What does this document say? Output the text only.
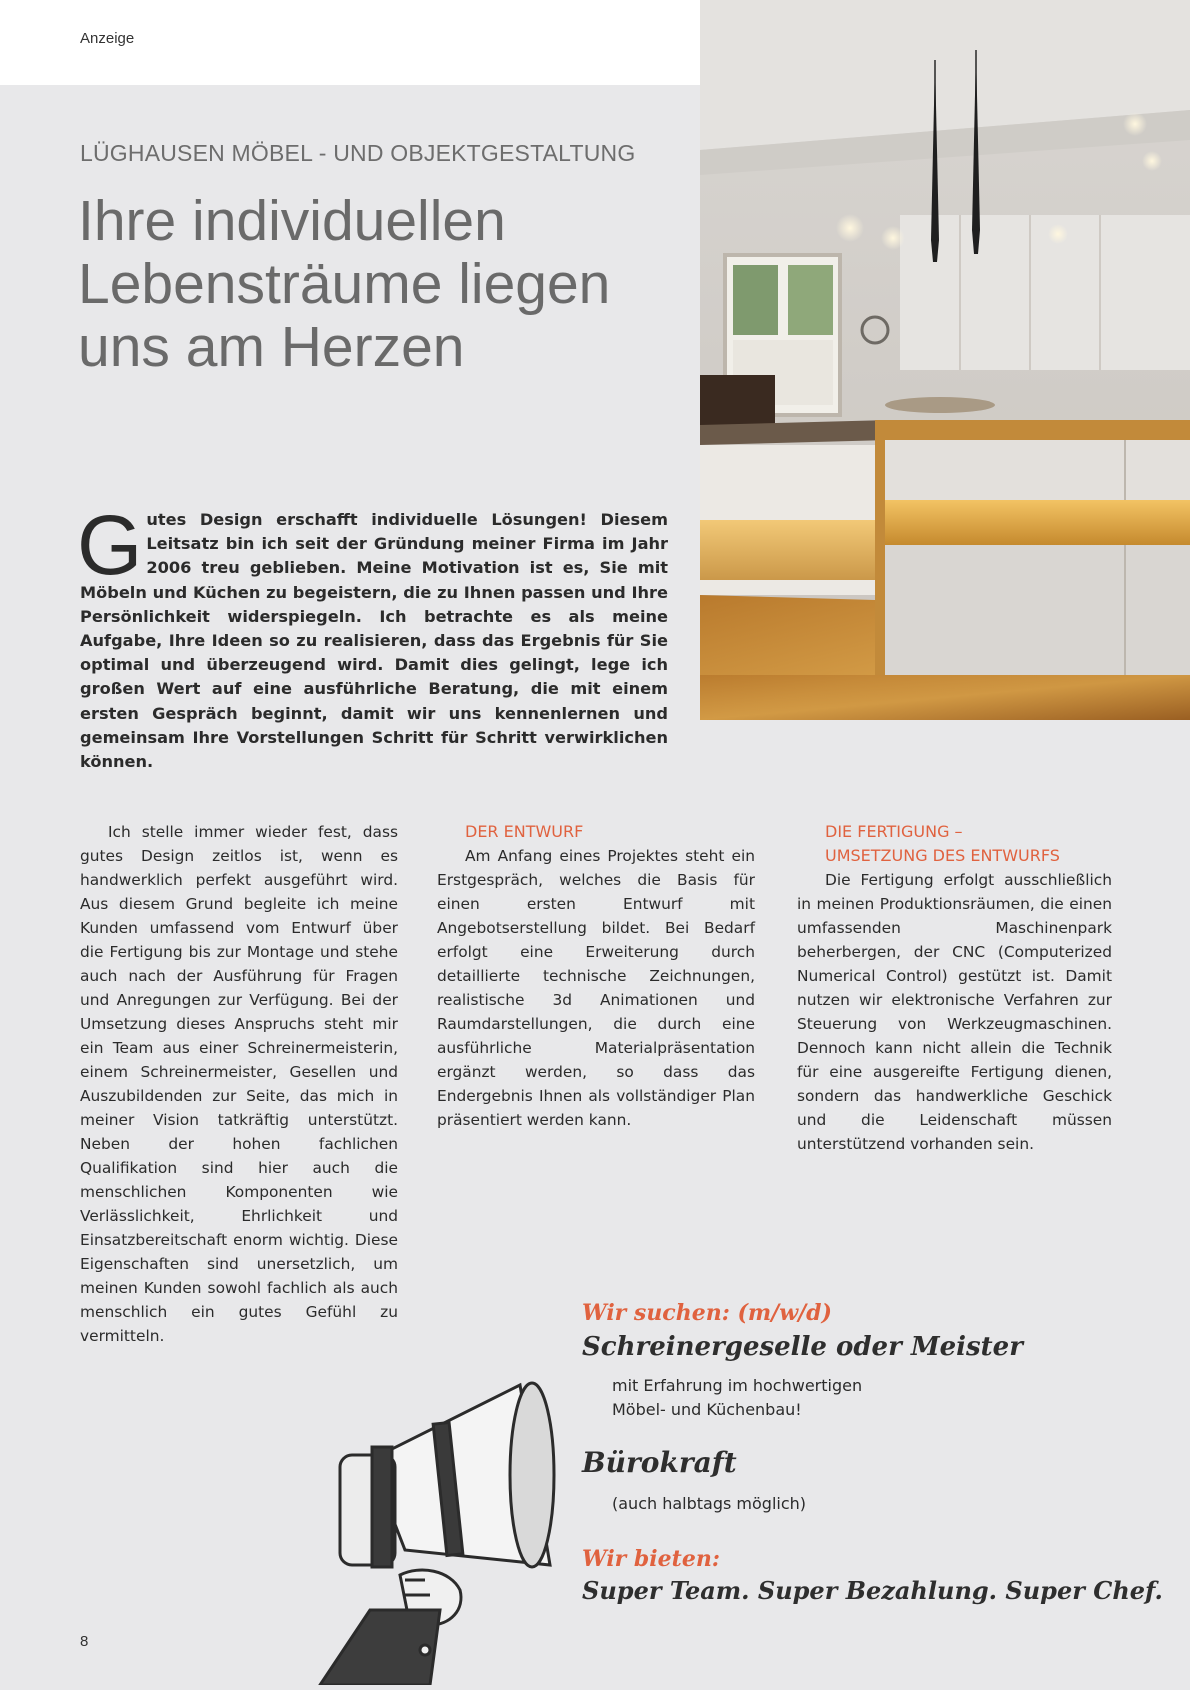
Anzeige
LÜGHAUSEN MÖBEL - UND OBJEKTGESTALTUNG
Ihre individuellen
Lebensträume liegen
uns am Herzen

Gutes Design erschafft individuelle Lösungen! Diesem Leitsatz bin ich seit der Gründung meiner Firma im Jahr 2006 treu geblieben. Meine Motivation ist es, Sie mit Möbeln und Küchen zu begeistern, die zu Ihnen passen und Ihre Persönlichkeit widerspiegeln. Ich betrachte es als meine Aufgabe, Ihre Ideen so zu realisieren, dass das Ergebnis für Sie optimal und überzeugend wird. Damit dies gelingt, lege ich großen Wert auf eine ausführliche Beratung, die mit einem ersten Gespräch beginnt, damit wir uns kennenlernen und gemeinsam Ihre Vorstellungen Schritt für Schritt verwirklichen können.

Ich stelle immer wieder fest, dass gutes Design zeitlos ist, wenn es handwerklich perfekt ausgeführt wird. Aus diesem Grund begleite ich meine Kunden umfassend vom Entwurf über die Fertigung bis zur Montage und stehe auch nach der Ausführung für Fragen und Anregungen zur Verfügung. Bei der Umsetzung dieses Anspruchs steht mir ein Team aus einer Schreinermeisterin, einem Schreinermeister, Gesellen und Auszubildenden zur Seite, das mich in meiner Vision tatkräftig unterstützt. Neben der hohen fachlichen Qualifikation sind hier auch die menschlichen Komponenten wie Verlässlichkeit, Ehrlichkeit und Einsatzbereitschaft enorm wichtig. Diese Eigenschaften sind unersetzlich, um meinen Kunden sowohl fachlich als auch menschlich ein gutes Gefühl zu vermitteln.

DER ENTWURF

Am Anfang eines Projektes steht ein Erstgespräch, welches die Basis für einen ersten Entwurf mit Angebotserstellung bildet. Bei Bedarf erfolgt eine Erweiterung durch detaillierte technische Zeichnungen, realistische 3d Animationen und Raumdarstellungen, die durch eine ausführliche Materialpräsentation ergänzt werden, so dass das Endergebnis Ihnen als vollständiger Plan präsentiert werden kann.

DIE FERTIGUNG –
UMSETZUNG DES ENTWURFS

Die Fertigung erfolgt ausschließlich in meinen Produktionsräumen, die einen umfassenden Maschinenpark beherbergen, der CNC (Computerized Numerical Control) gestützt ist. Damit nutzen wir elektronische Verfahren zur Steuerung von Werkzeugmaschinen. Dennoch kann nicht allein die Technik für eine ausgereifte Fertigung dienen, sondern das handwerkliche Geschick und die Leidenschaft müssen unterstützend vorhanden sein.

Wir suchen: (m/w/d)
Schreinergeselle oder Meister
mit Erfahrung im hochwertigen
Möbel- und Küchenbau!
Bürokraft
(auch halbtags möglich)
Wir bieten:
Super Team. Super Bezahlung. Super Chef.
8
